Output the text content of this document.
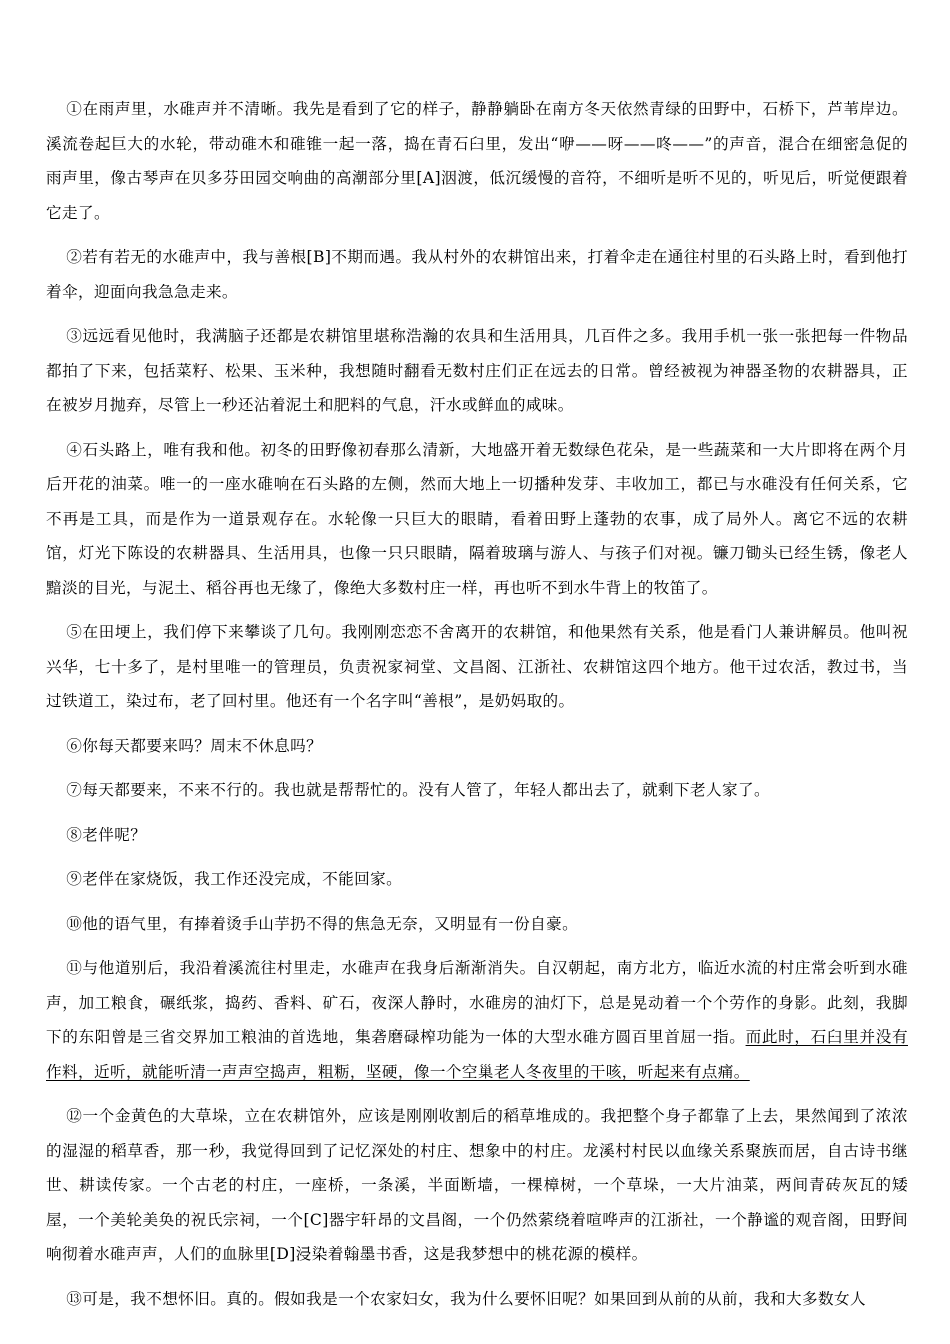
①在雨声里，水碓声并不清晰。我先是看到了它的样子，静静躺卧在南方冬天依然青绿的田野中，石桥下，芦苇岸边。溪流卷起巨大的水轮，带动碓木和碓锥一起一落，捣在青石臼里，发出“咿——呀——咚——”的声音，混合在细密急促的雨声里，像古琴声在贝多芬田园交响曲的高潮部分里[A]洇渡，低沉缓慢的音符，不细听是听不见的，听见后，听觉便跟着它走了。

②若有若无的水碓声中，我与善根[B]不期而遇。我从村外的农耕馆出来，打着伞走在通往村里的石头路上时，看到他打着伞，迎面向我急急走来。

③远远看见他时，我满脑子还都是农耕馆里堪称浩瀚的农具和生活用具，几百件之多。我用手机一张一张把每一件物品都拍了下来，包括菜籽、松果、玉米种，我想随时翻看无数村庄们正在远去的日常。曾经被视为神器圣物的农耕器具，正在被岁月抛弃，尽管上一秒还沾着泥土和肥料的气息，汗水或鲜血的咸味。

④石头路上，唯有我和他。初冬的田野像初春那么清新，大地盛开着无数绿色花朵，是一些蔬菜和一大片即将在两个月后开花的油菜。唯一的一座水碓响在石头路的左侧，然而大地上一切播种发芽、丰收加工，都已与水碓没有任何关系，它不再是工具，而是作为一道景观存在。水轮像一只巨大的眼睛，看着田野上蓬勃的农事，成了局外人。离它不远的农耕馆，灯光下陈设的农耕器具、生活用具，也像一只只眼睛，隔着玻璃与游人、与孩子们对视。镰刀锄头已经生锈，像老人黯淡的目光，与泥土、稻谷再也无缘了，像绝大多数村庄一样，再也听不到水牛背上的牧笛了。

⑤在田埂上，我们停下来攀谈了几句。我刚刚恋恋不舍离开的农耕馆，和他果然有关系，他是看门人兼讲解员。他叫祝兴华，七十多了，是村里唯一的管理员，负责祝家祠堂、文昌阁、江浙社、农耕馆这四个地方。他干过农活，教过书，当过铁道工，染过布，老了回村里。他还有一个名字叫“善根”，是奶妈取的。

⑥你每天都要来吗？周末不休息吗？

⑦每天都要来，不来不行的。我也就是帮帮忙的。没有人管了，年轻人都出去了，就剩下老人家了。

⑧老伴呢？

⑨老伴在家烧饭，我工作还没完成，不能回家。

⑩他的语气里，有捧着烫手山芋扔不得的焦急无奈，又明显有一份自豪。

⑪与他道别后，我沿着溪流往村里走，水碓声在我身后渐渐消失。自汉朝起，南方北方，临近水流的村庄常会听到水碓声，加工粮食，碾纸浆，捣药、香料、矿石，夜深人静时，水碓房的油灯下，总是晃动着一个个劳作的身影。此刻，我脚下的东阳曾是三省交界加工粮油的首选地，集砻磨碌榨功能为一体的大型水碓方圆百里首屈一指。而此时，石臼里并没有作料，近听，就能听清一声声空捣声，粗粝，坚硬，像一个空巢老人冬夜里的干咳，听起来有点痛。

⑫一个金黄色的大草垛，立在农耕馆外，应该是刚刚收割后的稻草堆成的。我把整个身子都靠了上去，果然闻到了浓浓的湿湿的稻草香，那一秒，我觉得回到了记忆深处的村庄、想象中的村庄。龙溪村村民以血缘关系聚族而居，自古诗书继世、耕读传家。一个古老的村庄，一座桥，一条溪，半面断墙，一棵樟树，一个草垛，一大片油菜，两间青砖灰瓦的矮屋，一个美轮美奂的祝氏宗祠，一个[C]器宇轩昂的文昌阁，一个仍然萦绕着喧哗声的江浙社，一个静谧的观音阁，田野间响彻着水碓声声，人们的血脉里[D]浸染着翰墨书香，这是我梦想中的桃花源的模样。

⑬可是，我不想怀旧。真的。假如我是一个农家妇女，我为什么要怀旧呢？如果回到从前的从前，我和大多数女人
